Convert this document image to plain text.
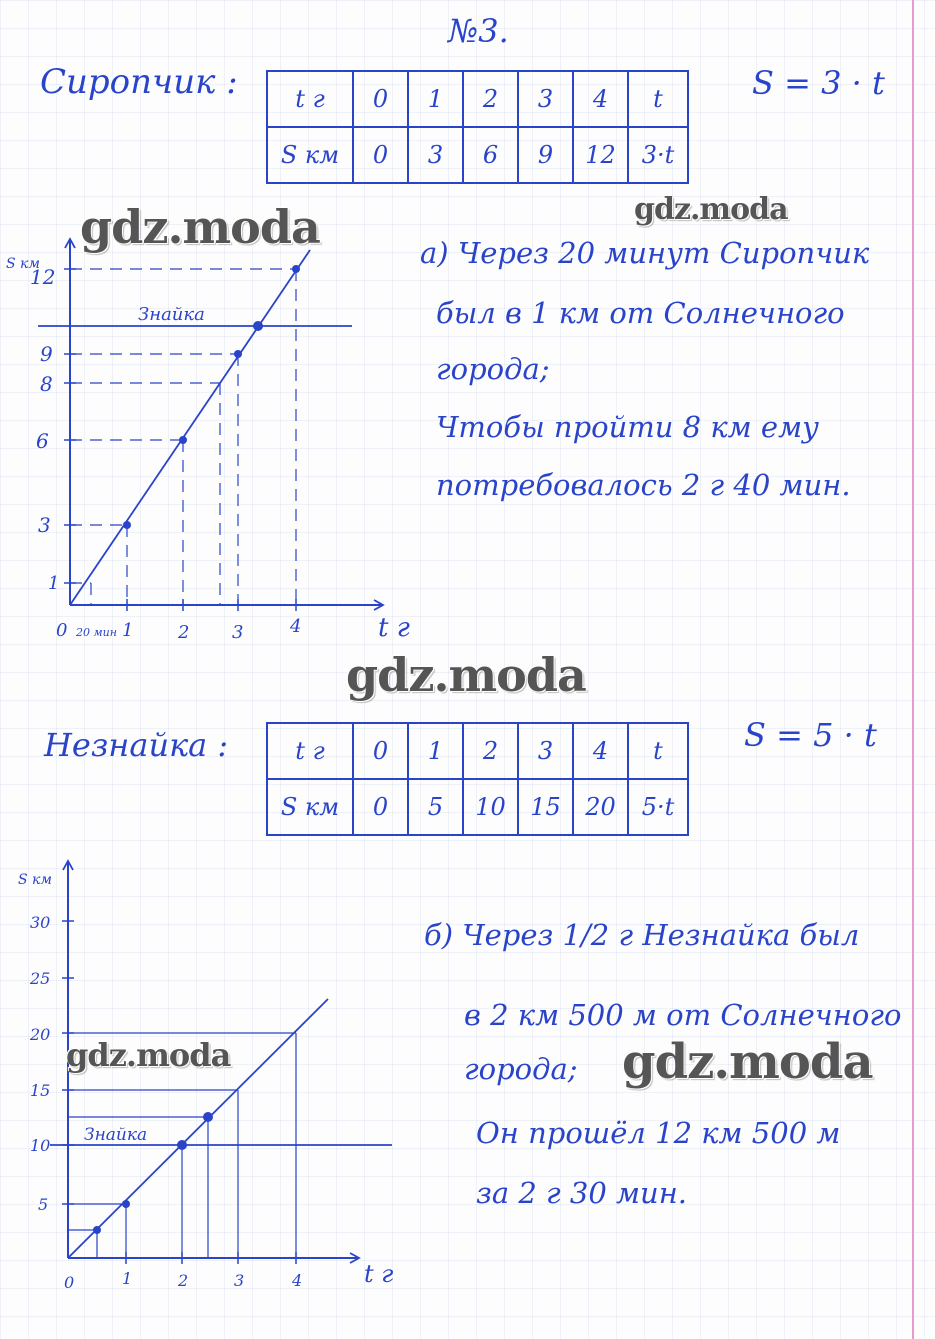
№3.
Сиропчик :	S = 3 · t
t г	0	1	2	3	4	t
S км	0	3	6	9	12	3·t
а) Через 20 минут Сиропчик
был в 1 км от Солнечного
города;
Чтобы пройти 8 км ему
потребовалось 2 г 40 мин.
Знайка
S км
1
3
6
8
9
12
0 20 мин 1 2 3	4	t г
Незнайка :	S = 5 · t
t г	0	1	2	3	4	t
S км	0	5	10	15	20	5·t
б) Через 1/2 г Незнайка был
в 2 км 500 м от Солнечного
города;
Он прошёл 12 км 500 м
за 2 г 30 мин.
Знайка
S км
5
10
15
20
25
30
0	1	2	3	4	t г
gdz.moda	gdz.moda
gdz.moda
gdz.moda	gdz.moda
